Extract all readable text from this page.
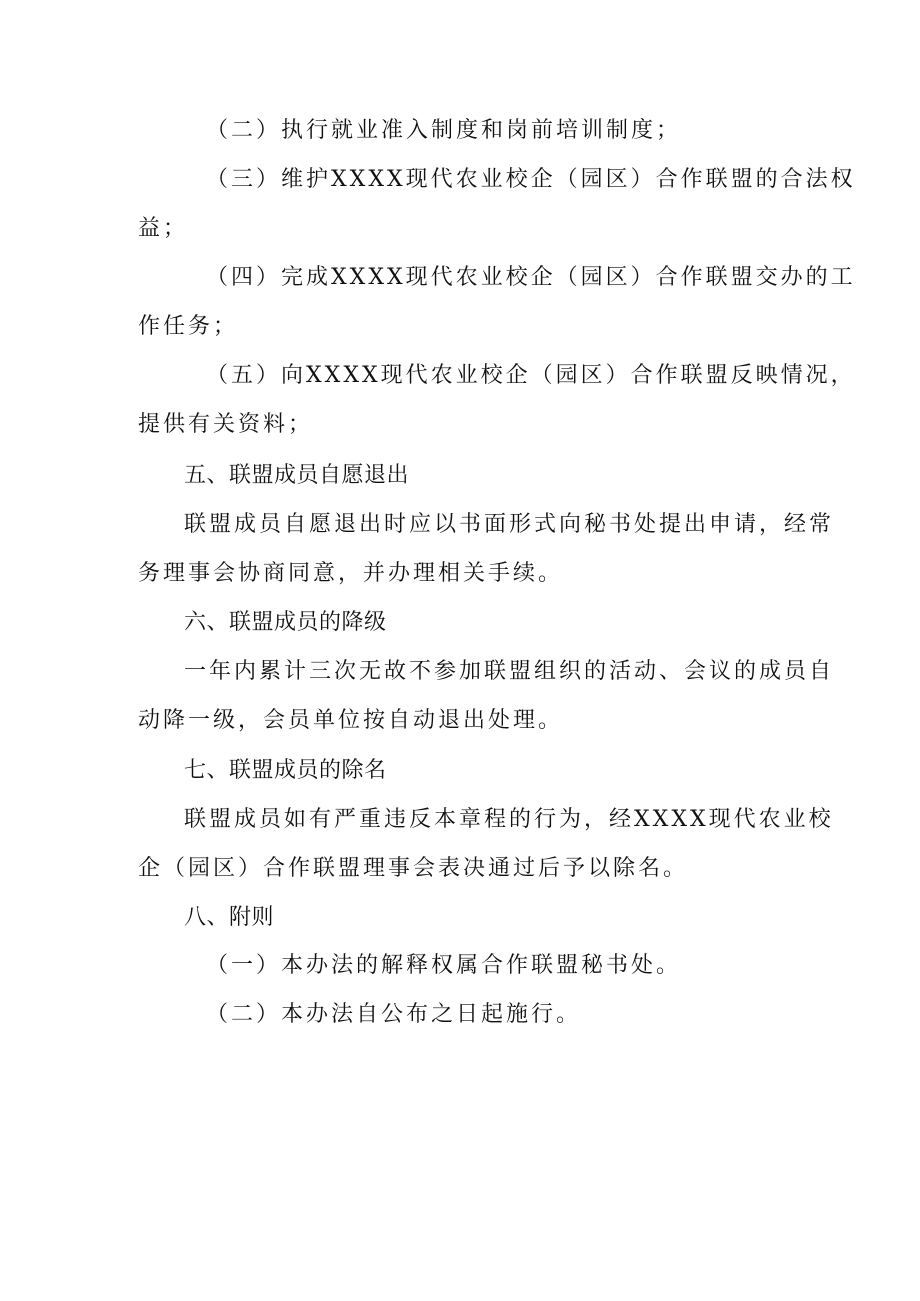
（二）执行就业准入制度和岗前培训制度；
（三）维护XXXX现代农业校企（园区）合作联盟的合法权
益；
（四）完成XXXX现代农业校企（园区）合作联盟交办的工
作任务；
（五）向XXXX现代农业校企（园区）合作联盟反映情况，
提供有关资料；
五、联盟成员自愿退出
联盟成员自愿退出时应以书面形式向秘书处提出申请，经常
务理事会协商同意，并办理相关手续。
六、联盟成员的降级
一年内累计三次无故不参加联盟组织的活动、会议的成员自
动降一级，会员单位按自动退出处理。
七、联盟成员的除名
联盟成员如有严重违反本章程的行为，经XXXX现代农业校
企（园区）合作联盟理事会表决通过后予以除名。
八、附则
（一）本办法的解释权属合作联盟秘书处。
（二）本办法自公布之日起施行。
